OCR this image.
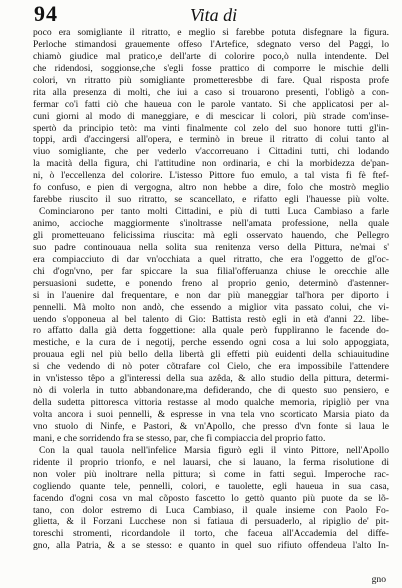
94	Vita di
poco era somigliante il ritratto, e meglio si farebbe potuta disfegnare la figura.
Perloche stimandosi grauemente offeso l'Artefice, sdegnato verso del Paggi, lo
chiamò giudice mal pratico,e dell'arte di colorire poco,ò nulla intendente. Del
che ridendosi, soggionse,che s'egli fosse prattico di comporre le mischie delli
colori, vn ritratto più somigliante prometteresbbe di fare. Qual risposta profe
rita alla presenza di molti, che iui a caso si trouarono presenti, l'obligò a con-
fermar co'i fatti ciò che haueua con le parole vantato. Si che applicatosi per al-
cuni giorni al modo di maneggiare, e di mescicar li colori, più strade com'inse-
spertò da principio tetò: ma vinti finalmente col zelo del suo honore tutti gl'in-
toppi, ardì d'accingersi all'opera, e terminò in breue il ritratto di colui tanto al
viuo somigliante, che per vederlo v'accorreuano i Cittadini tutti, chi lodando
la macità della figura, chi l'attitudine non ordinaria, e chi la morbidezza de'pan-
ni, ò l'eccellenza del colorire. L'istesso Pittore fuo emulo, a tal vista fi fè ftef-
fo confuso, e pien di vergogna, altro non hebbe a dire, folo che mostrò meglio
farebbe riuscito il suo ritratto, se scancellato, e rifatto egli l'hauesse più volte.
Cominciarono per tanto molti Cittadini, e più di tutti Luca Cambiaso a farle
animo, accioche maggiormente s'inoltrasse nell'amata professione, nella quale
gli prometteuano felicissima riuscita: mà egli osservato hauendo, che Pellegro
suo padre continouaua nella solita sua renitenza verso della Pittura, ne'mai s'
era compiacciuto di dar vn'occhiata a quel ritratto, che era l'oggetto de gl'oc-
chi d'ogn'vno, per far spiccare la sua filial'offeruanza chiuse le orecchie alle
persuasioni sudette, e ponendo freno al proprio genio, determinò d'astenner-
si in l'auenire dal frequentare, e non dar più maneggiar tal'hora per diporto i
pennelli. Mà molto non andò, che essendo a miglior vita passato colui, che vi-
uendo s'opponeua al bel talento di Gio: Battista restò egli in età d'anni 22. libe-
ro affatto dalla già detta foggettione: alla quale però fuppliranno le facende do-
mestiche, e la cura de i negotij, perche essendo ogni cosa a lui solo appoggiata,
prouaua egli nel più bello della libertà gli effetti più euidenti della schiauitudine
si che vedendo di nò poter cõtrafare col Cielo, che era impossibile l'attendere
in vn'istesso têpo a gl'interessi della sua azêda, & allo studio della pittura, determi-
nò di volerla in tutto abbandonare,ma defiderando, che di questo suo pensiero, e
della sudetta pittoresca vittoria restasse al modo qualche memoria, ripigliò per vna
volta ancora i suoi pennelli, & espresse in vna tela vno scorticato Marsia piato da
vno stuolo di Ninfe, e Pastori, & vn'Apollo, che presso d'vn fonte si laua le
mani, e che sorridendo fra se stesso, par, che fi compiaccia del proprio fatto.
Con la qual tauola nell'infelice Marsia figurò egli il vinto Pittore, nell'Apollo
ridente il proprio trionfo, e nel lauarsi, che si lauano, la ferma risolutione di
non voler più inoltrare nella pittura; sì come in fatti seguì. Imperoche rac-
cogliendo quante tele, pennelli, colori, e tauolette, egli haueua in sua casa,
facendo d'ogni cosa vn mal cõposto fascetto lo gettò quanto più puote da se lõ-
tano, con dolor estremo di Luca Cambiaso, il quale insieme con Paolo Fo-
glietta, & il Forzani Lucchese non si fatiaua di persuaderlo, al ripiglio de' pit-
toreschi stromenti, ricordandole il torto, che faceua all'Accademia del diffe-
gno, alla Patria, & a se stesso: e quanto in quel suo rifiuto offendeua l'alto In-
gno
